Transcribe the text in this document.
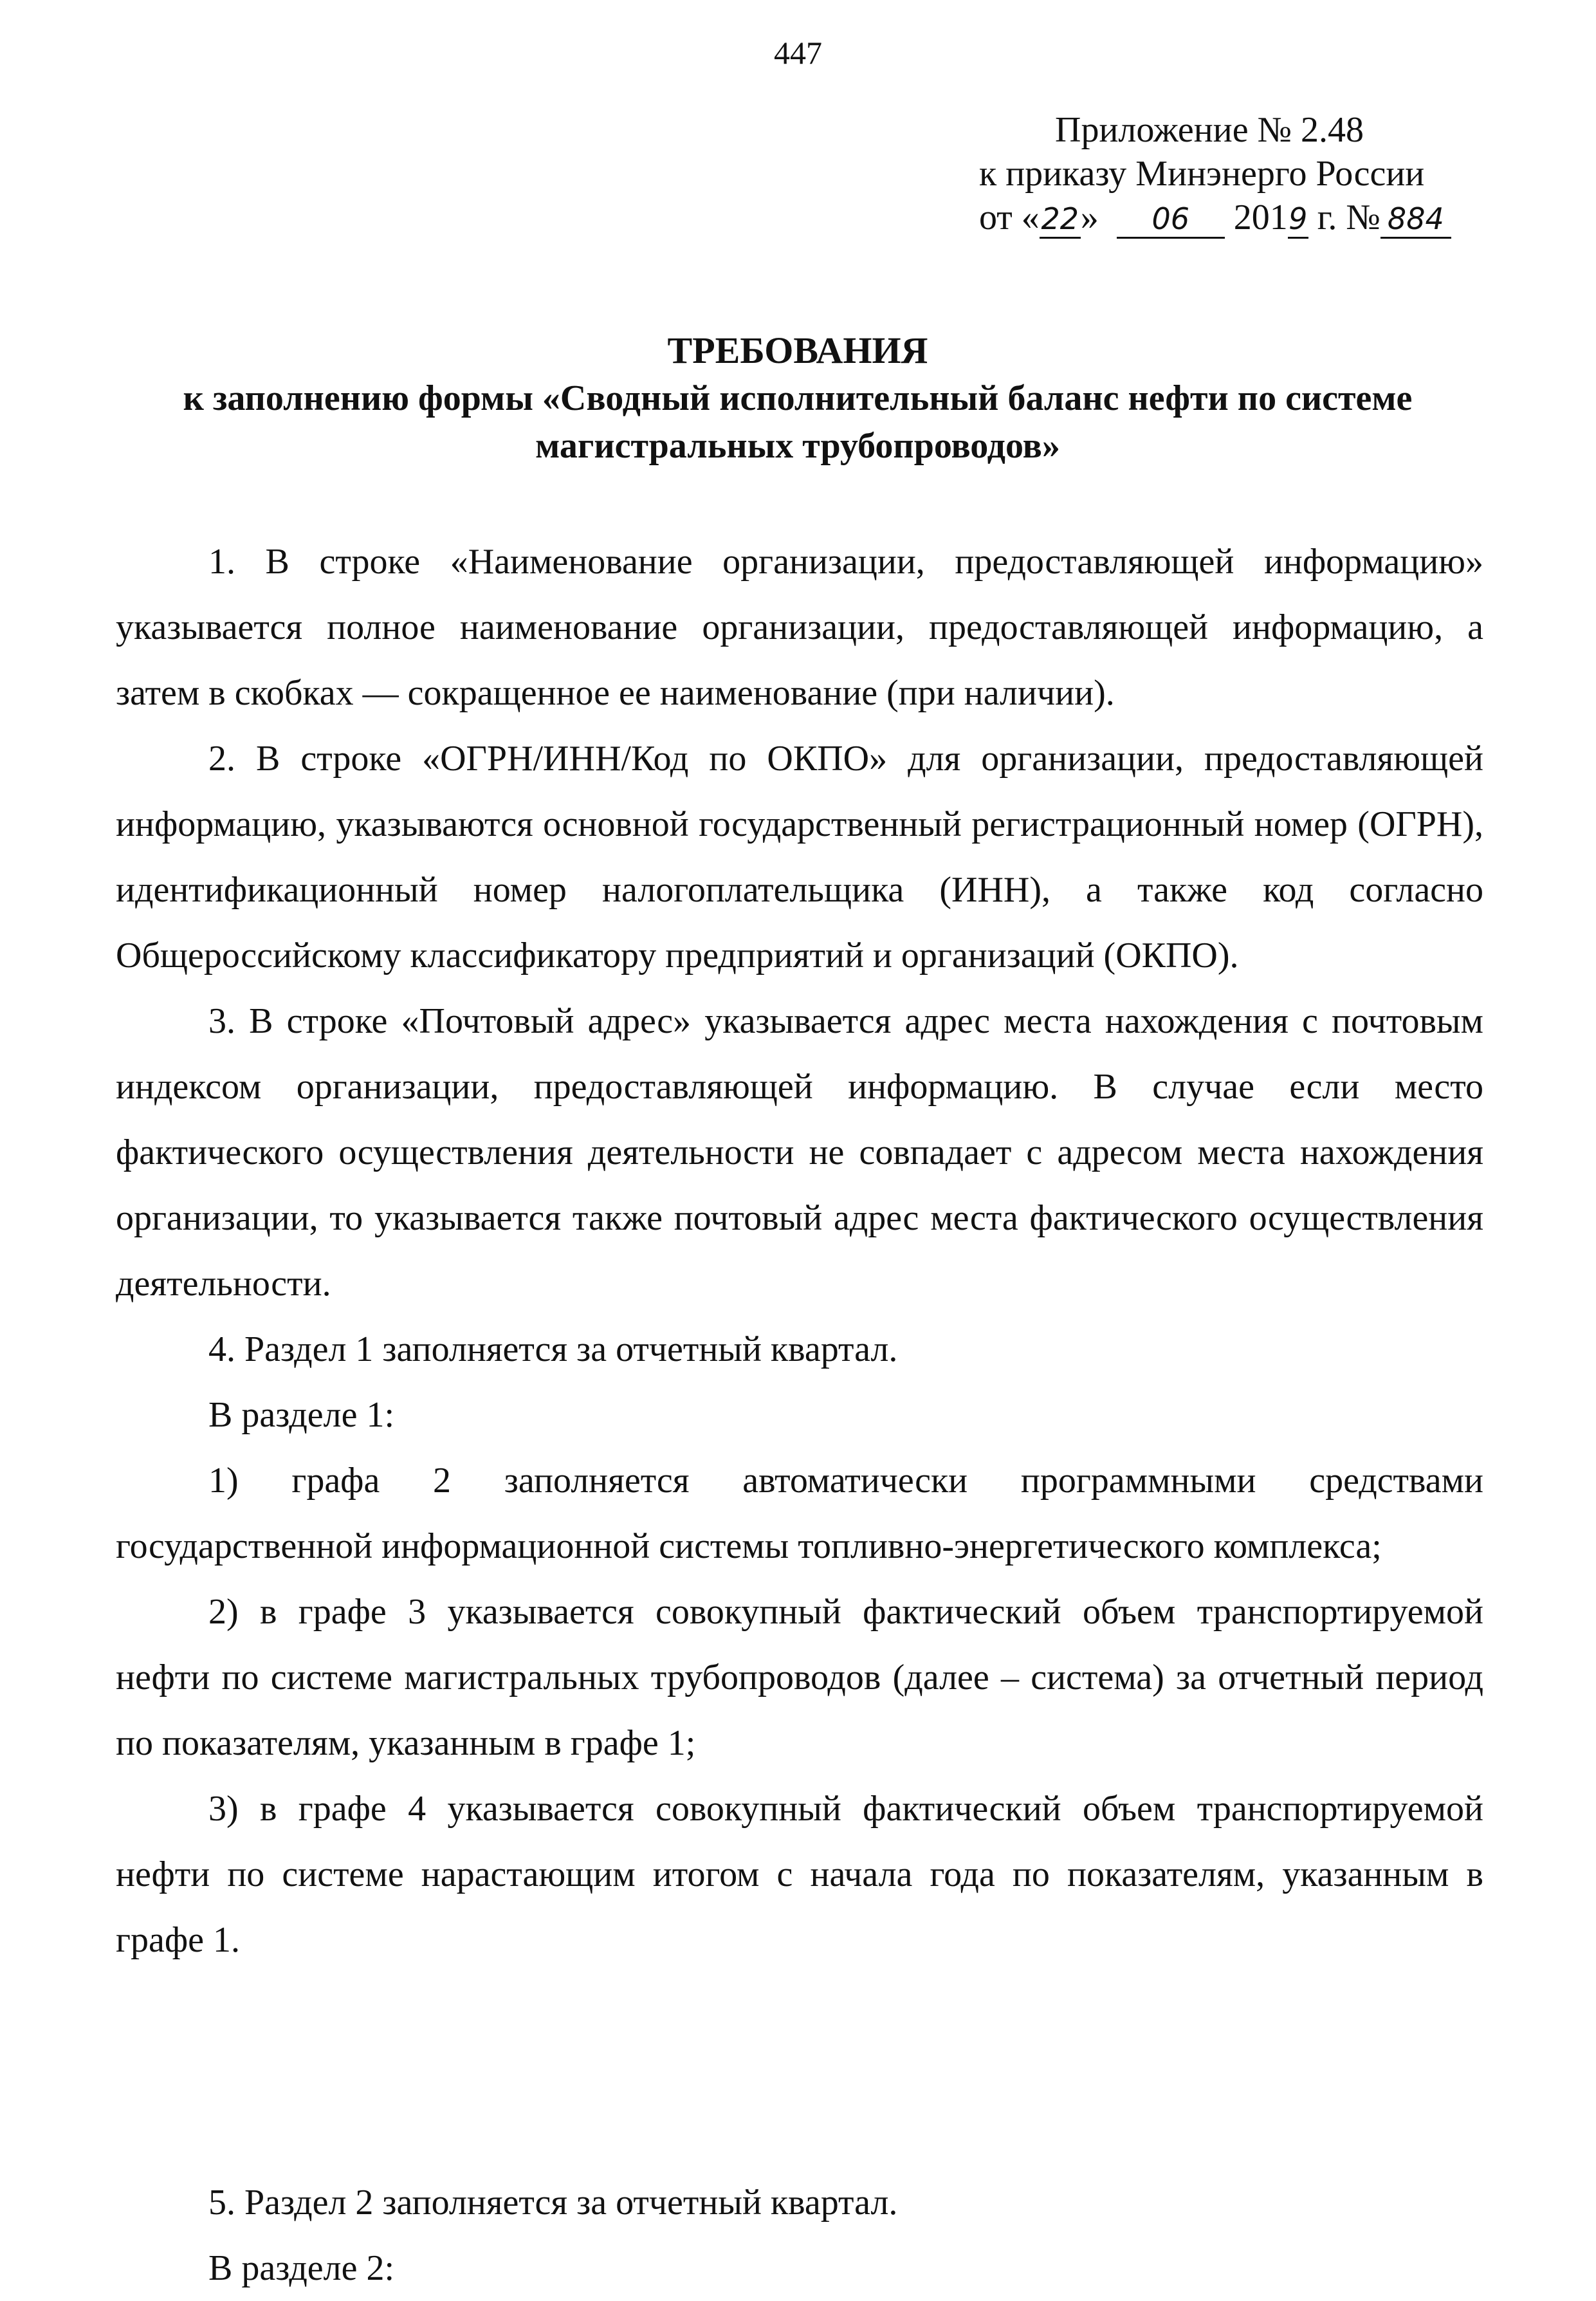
447
Приложение № 2.48
к приказу Минэнерго России
от «22» 06 2019 г. № 884
ТРЕБОВАНИЯ
к заполнению формы «Сводный исполнительный баланс нефти по системе
магистральных трубопроводов»

1. В строке «Наименование организации, предоставляющей информацию» указывается полное наименование организации, предоставляющей информацию, а затем в скобках — сокращенное ее наименование (при наличии).

2. В строке «ОГРН/ИНН/Код по ОКПО» для организации, предоставляющей информацию, указываются основной государственный регистрационный номер (ОГРН), идентификационный номер налогоплательщика (ИНН), а также код согласно Общероссийскому классификатору предприятий и организаций (ОКПО).

3. В строке «Почтовый адрес» указывается адрес места нахождения с почтовым индексом организации, предоставляющей информацию. В случае если место фактического осуществления деятельности не совпадает с адресом места нахождения организации, то указывается также почтовый адрес места фактического осуществления деятельности.

4. Раздел 1 заполняется за отчетный квартал.

В разделе 1:

1) графа 2 заполняется автоматически программными средствами государственной информационной системы топливно-энергетического комплекса;

2) в графе 3 указывается совокупный фактический объем транспортируемой нефти по системе магистральных трубопроводов (далее – система) за отчетный период по показателям, указанным в графе 1;

3) в графе 4 указывается совокупный фактический объем транспортируемой нефти по системе нарастающим итогом с начала года по показателям, указанным в графе 1.

5. Раздел 2 заполняется за отчетный квартал.

В разделе 2:
